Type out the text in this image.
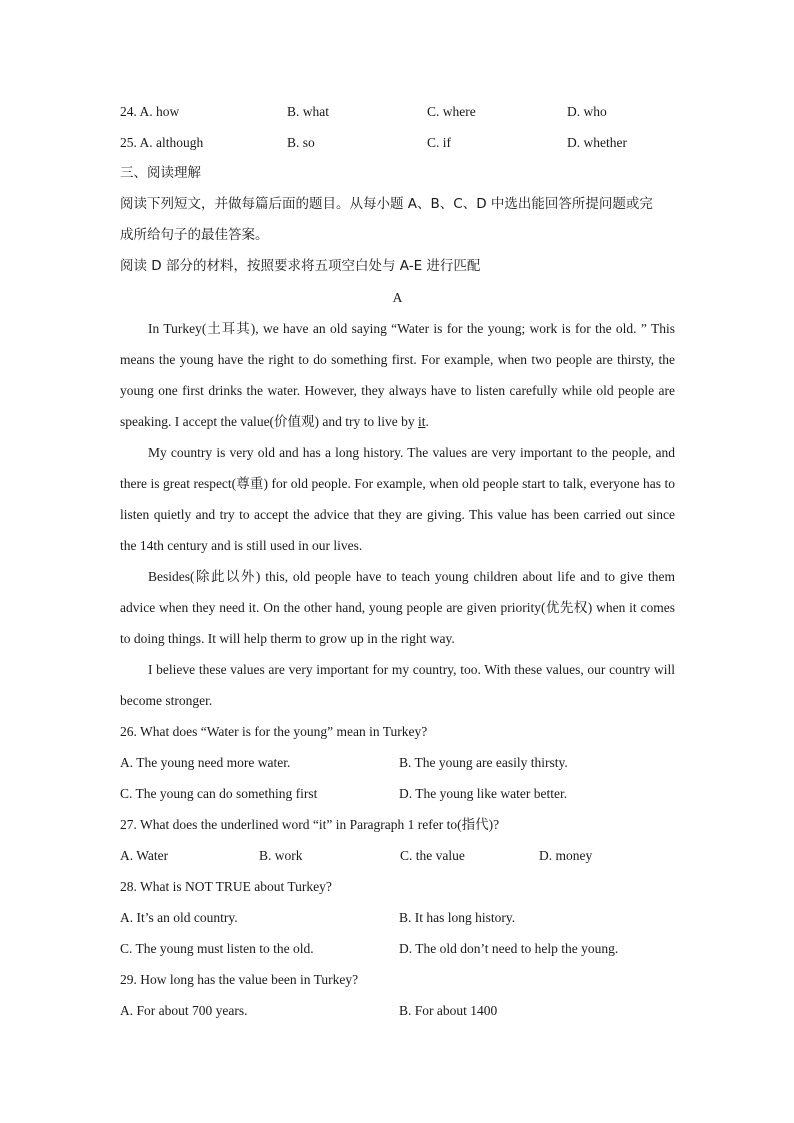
24. A. how	B. what	C. where	D. who
25. A. although	B. so	C. if	D. whether
三、阅读理解
阅读下列短文，并做每篇后面的题目。从每小题 A、B、C、D 中选出能回答所提问题或完
成所给句子的最佳答案。
阅读 D 部分的材料，按照要求将五项空白处与 A-E 进行匹配
A

In Turkey(土耳其), we have an old saying “Water is for the young; work is for the old. ” This means the young have the right to do something first. For example, when two people are thirsty, the young one first drinks the water. However, they always have to listen carefully while old people are speaking. I accept the value(价值观) and try to live by it.

My country is very old and has a long history. The values are very important to the people, and there is great respect(尊重) for old people. For example, when old people start to talk, everyone has to listen quietly and try to accept the advice that they are giving. This value has been carried out since the 14th century and is still used in our lives.

Besides(除此以外) this, old people have to teach young children about life and to give them advice when they need it. On the other hand, young people are given priority(优先权) when it comes to doing things. It will help therm to grow up in the right way.

I believe these values are very important for my country, too. With these values, our country will become stronger.

26. What does “Water is for the young” mean in Turkey?
A. The young need more water.	B. The young are easily thirsty.
C. The young can do something first	D. The young like water better.
27. What does the underlined word “it” in Paragraph 1 refer to(指代)?
A. Water	B. work	C. the value	D. money
28. What is NOT TRUE about Turkey?
A. It’s an old country.	B. It has long history.
C. The young must listen to the old.	D. The old don’t need to help the young.
29. How long has the value been in Turkey?
A. For about 700 years.	B. For about 1400
